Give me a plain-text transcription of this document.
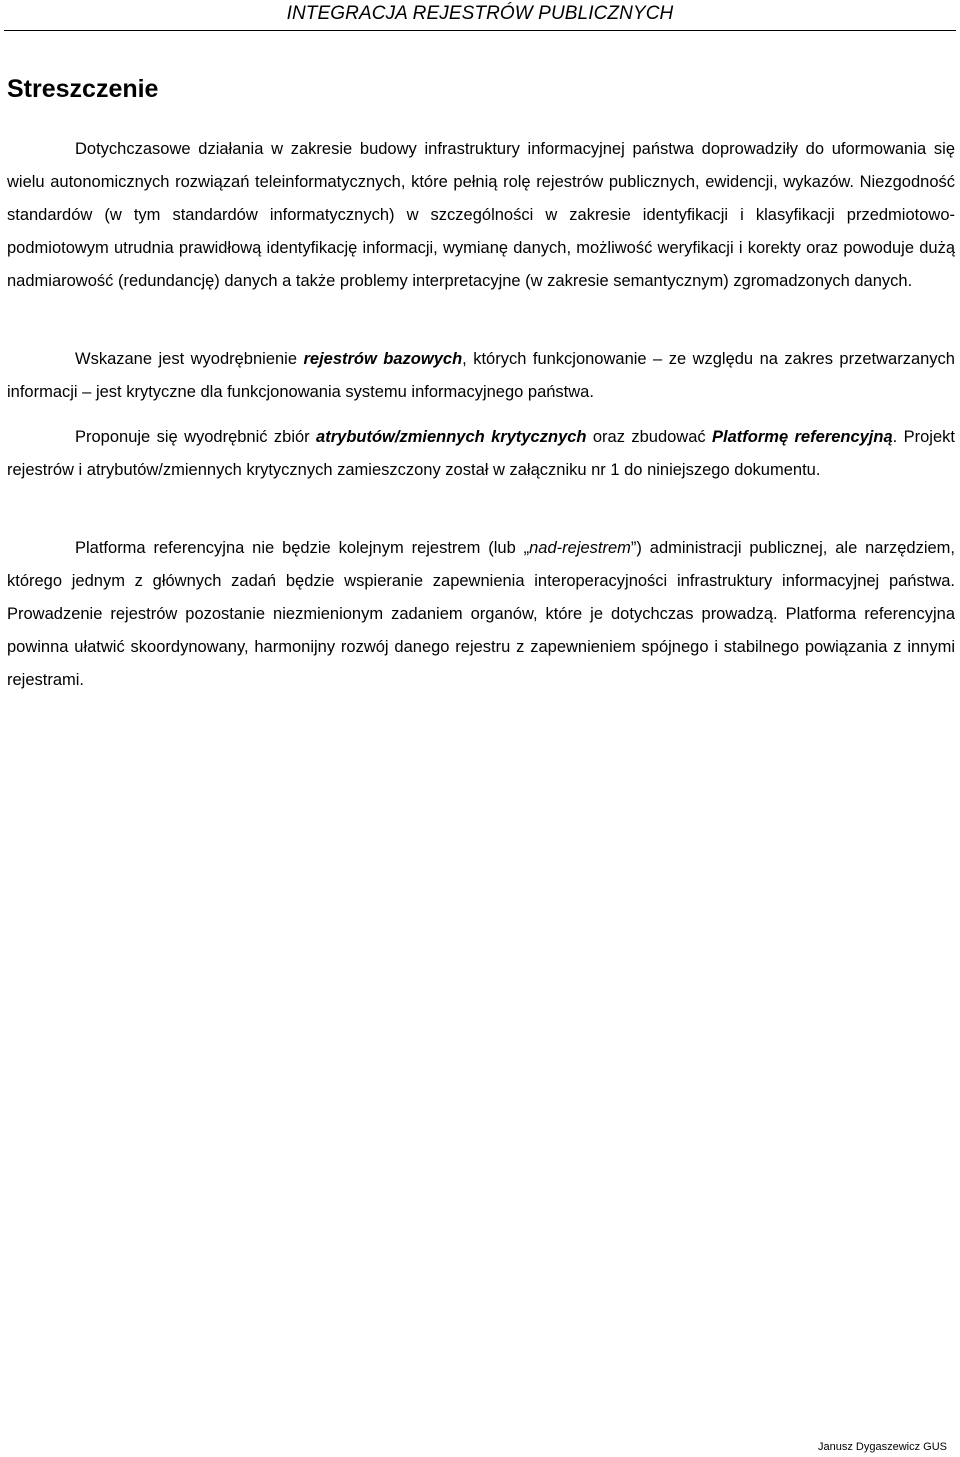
INTEGRACJA REJESTRÓW PUBLICZNYCH
Streszczenie

Dotychczasowe działania w zakresie budowy infrastruktury informacyjnej państwa doprowadziły do uformowania się wielu autonomicznych rozwiązań teleinformatycznych, które pełnią rolę rejestrów publicznych, ewidencji, wykazów. Niezgodność standardów (w tym standardów informatycznych) w szczególności w zakresie identyfikacji i klasyfikacji przedmiotowo-podmiotowym utrudnia prawidłową identyfikację informacji, wymianę danych, możliwość weryfikacji i korekty oraz powoduje dużą nadmiarowość (redundancję) danych a także problemy interpretacyjne (w zakresie semantycznym) zgromadzonych danych.

Wskazane jest wyodrębnienie rejestrów bazowych, których funkcjonowanie – ze względu na zakres przetwarzanych informacji – jest krytyczne dla funkcjonowania systemu informacyjnego państwa.

Proponuje się wyodrębnić zbiór atrybutów/zmiennych krytycznych oraz zbudować Platformę referencyjną. Projekt rejestrów i atrybutów/zmiennych krytycznych zamieszczony został w załączniku nr 1 do niniejszego dokumentu.

Platforma referencyjna nie będzie kolejnym rejestrem (lub „nad-rejestrem”) administracji publicznej, ale narzędziem, którego jednym z głównych zadań będzie wspieranie zapewnienia interoperacyjności infrastruktury informacyjnej państwa. Prowadzenie rejestrów pozostanie niezmienionym zadaniem organów, które je dotychczas prowadzą. Platforma referencyjna powinna ułatwić skoordynowany, harmonijny rozwój danego rejestru z zapewnieniem spójnego i stabilnego powiązania z innymi rejestrami.

Janusz Dygaszewicz GUS
